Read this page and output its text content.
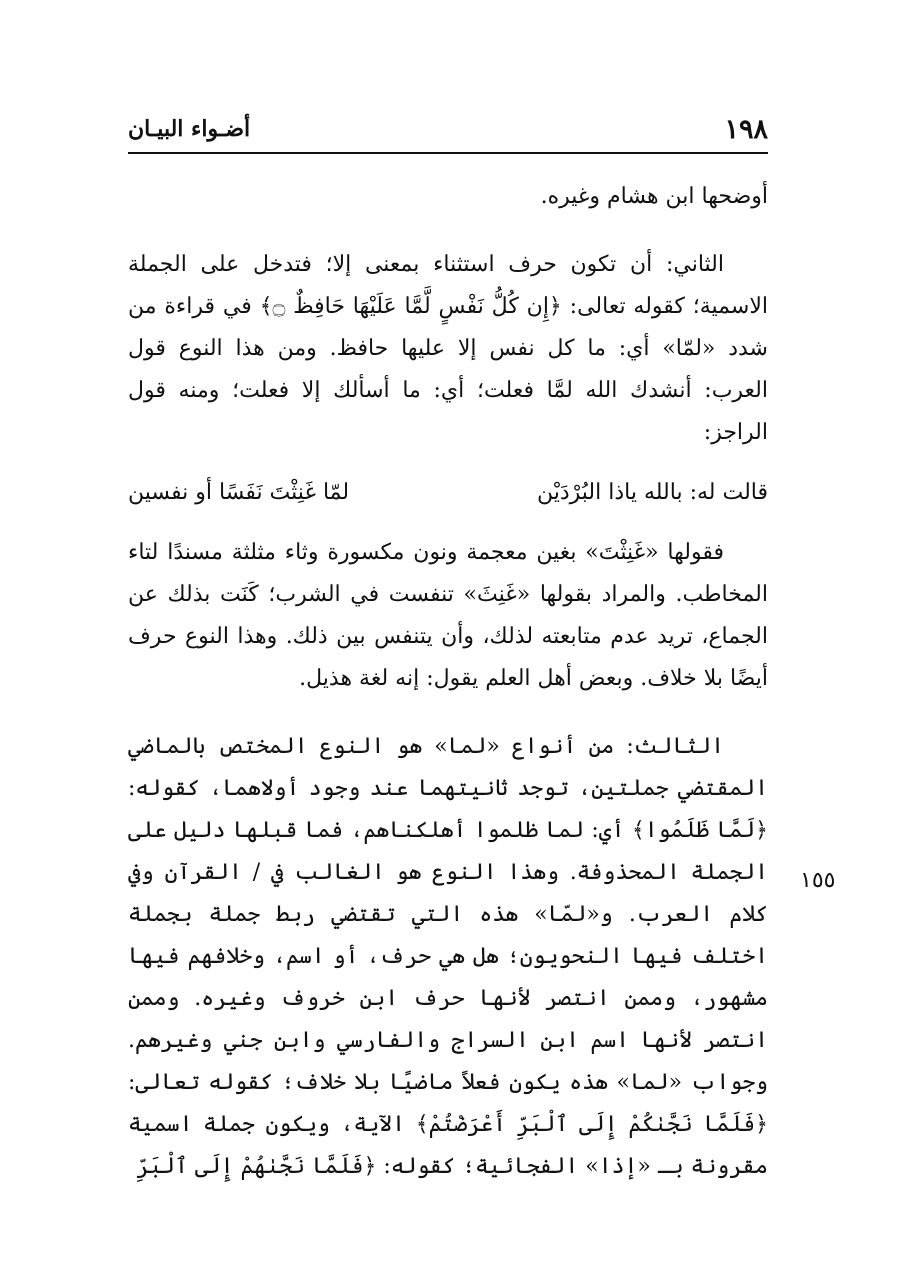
١٩٨
أضـواء البيـان

أوضحها ابن هشام وغيره.

الثاني: أن تكون حرف استثناء بمعنى إلا؛ فتدخل على الجملة الاسمية؛ كقوله تعالى: ﴿إِن كُلُّ نَفْسٍ لَّمَّا عَلَيْهَا حَافِظٌ ۝﴾ في قراءة من شدد «لمّا» أي: ما كل نفس إلا عليها حافظ. ومن هذا النوع قول العرب: أنشدك الله لمَّا فعلت؛ أي: ما أسألك إلا فعلت؛ ومنه قول الراجز:

قالت له: بالله ياذا البُرْدَيْن
لمّا غَنِثْتَ نَفَسًا أو نفسين

فقولها «غَنِثْتَ» بغين معجمة ونون مكسورة وثاء مثلثة مسندًا لتاء المخاطب. والمراد بقولها «غَنِثَ» تنفست في الشرب؛ كَنَت بذلك عن الجماع، تريد عدم متابعته لذلك، وأن يتنفس بين ذلك. وهذا النوع حرف أيضًا بلا خلاف. وبعض أهل العلم يقول: إنه لغة هذيل.

الثالث: من أنواع «لما» هو النوع المختص بالماضي المقتضي جملتين، توجد ثانيتهما عند وجود أولاهما، كقوله: ﴿لَمَّا ظَلَمُوا﴾ أي: لما ظلموا أهلكناهم، فما قبلها دليل على الجملة المحذوفة. وهذا النوع هو الغالب في / القرآن وفي كلام العرب. و«لمّا» هذه التي تقتضي ربط جملة بجملة اختلف فيها النحويون؛ هل هي حرف، أو اسم، وخلافهم فيها مشهور، وممن انتصر لأنها حرف ابن خروف وغيره. وممن انتصر لأنها اسم ابن السراج والفارسي وابن جني وغيرهم. وجواب «لما» هذه يكون فعلاً ماضيًا بلا خلاف؛ كقوله تعالى: ﴿فَلَمَّا نَجَّىٰكُمْ إِلَى ٱلْبَرِّ أَعْرَضْتُمْ﴾ الآية، ويكون جملة اسمية مقرونة بـ «إذا» الفجائية؛ كقوله: ﴿فَلَمَّا نَجَّىٰهُمْ إِلَى ٱلْبَرِّ

١٥٥
